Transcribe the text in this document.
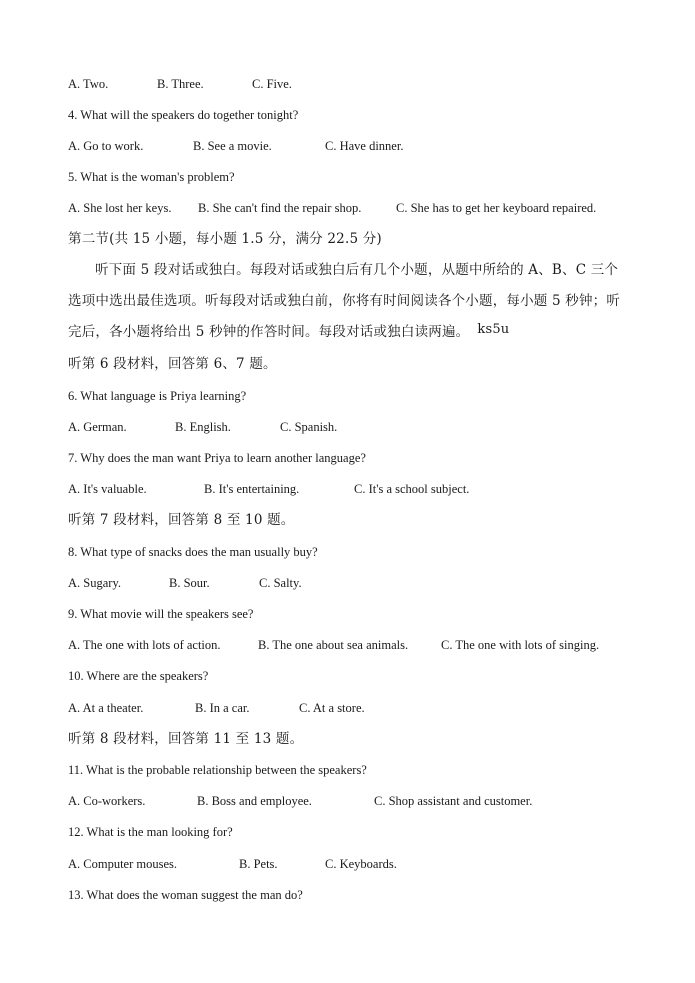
A. Two.	B. Three.	C. Five.
4. What will the speakers do together tonight?
A. Go to work.	B. See a movie.	C. Have dinner.
5. What is the woman's problem?
A. She lost her keys. B. She can't find the repair shop.	C. She has to get her keyboard repaired.
第二节(共 15 小题，每小题 1.5 分，满分 22.5 分)
听下面 5 段对话或独白。每段对话或独白后有几个小题，从题中所给的 A、B、C 三个
选项中选出最佳选项。听每段对话或独白前，你将有时间阅读各个小题，每小题 5 秒钟；听
完后，各小题将给出 5 秒钟的作答时间。每段对话或独白读两遍。 ks5u
听第 6 段材料，回答第 6、7 题。
6. What language is Priya learning?
A. German.	B. English.	C. Spanish.
7. Why does the man want Priya to learn another language?
A. It's valuable.	B. It's entertaining.	C. It's a school subject.
听第 7 段材料，回答第 8 至 10 题。
8. What type of snacks does the man usually buy?
A. Sugary.	B. Sour.	C. Salty.
9. What movie will the speakers see?
A. The one with lots of action.	B. The one about sea animals.	C. The one with lots of singing.
10. Where are the speakers?
A. At a theater.	B. In a car.	C. At a store.
听第 8 段材料，回答第 11 至 13 题。
11. What is the probable relationship between the speakers?
A. Co-workers.	B. Boss and employee.	C. Shop assistant and customer.
12. What is the man looking for?
A. Computer mouses.	B. Pets.	C. Keyboards.
13. What does the woman suggest the man do?
